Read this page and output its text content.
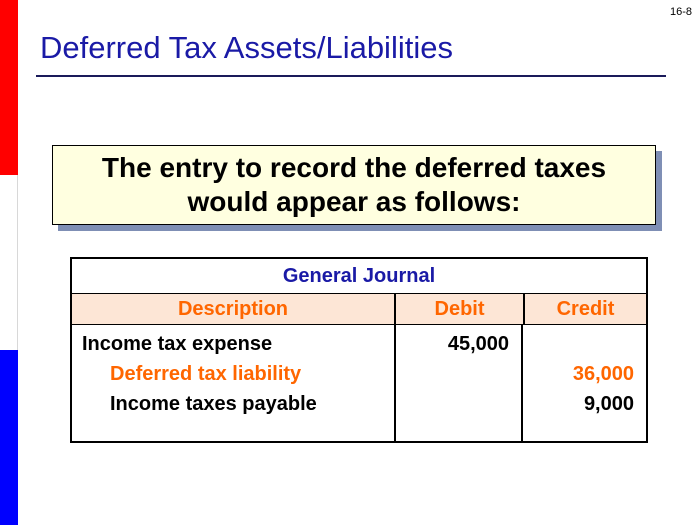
16-8
Deferred Tax Assets/Liabilities
The entry to record the deferred taxes
would appear as follows:
General Journal
Description	Debit	Credit
Income tax expense
Deferred tax liability
Income taxes payable
45,000
36,000
9,000
